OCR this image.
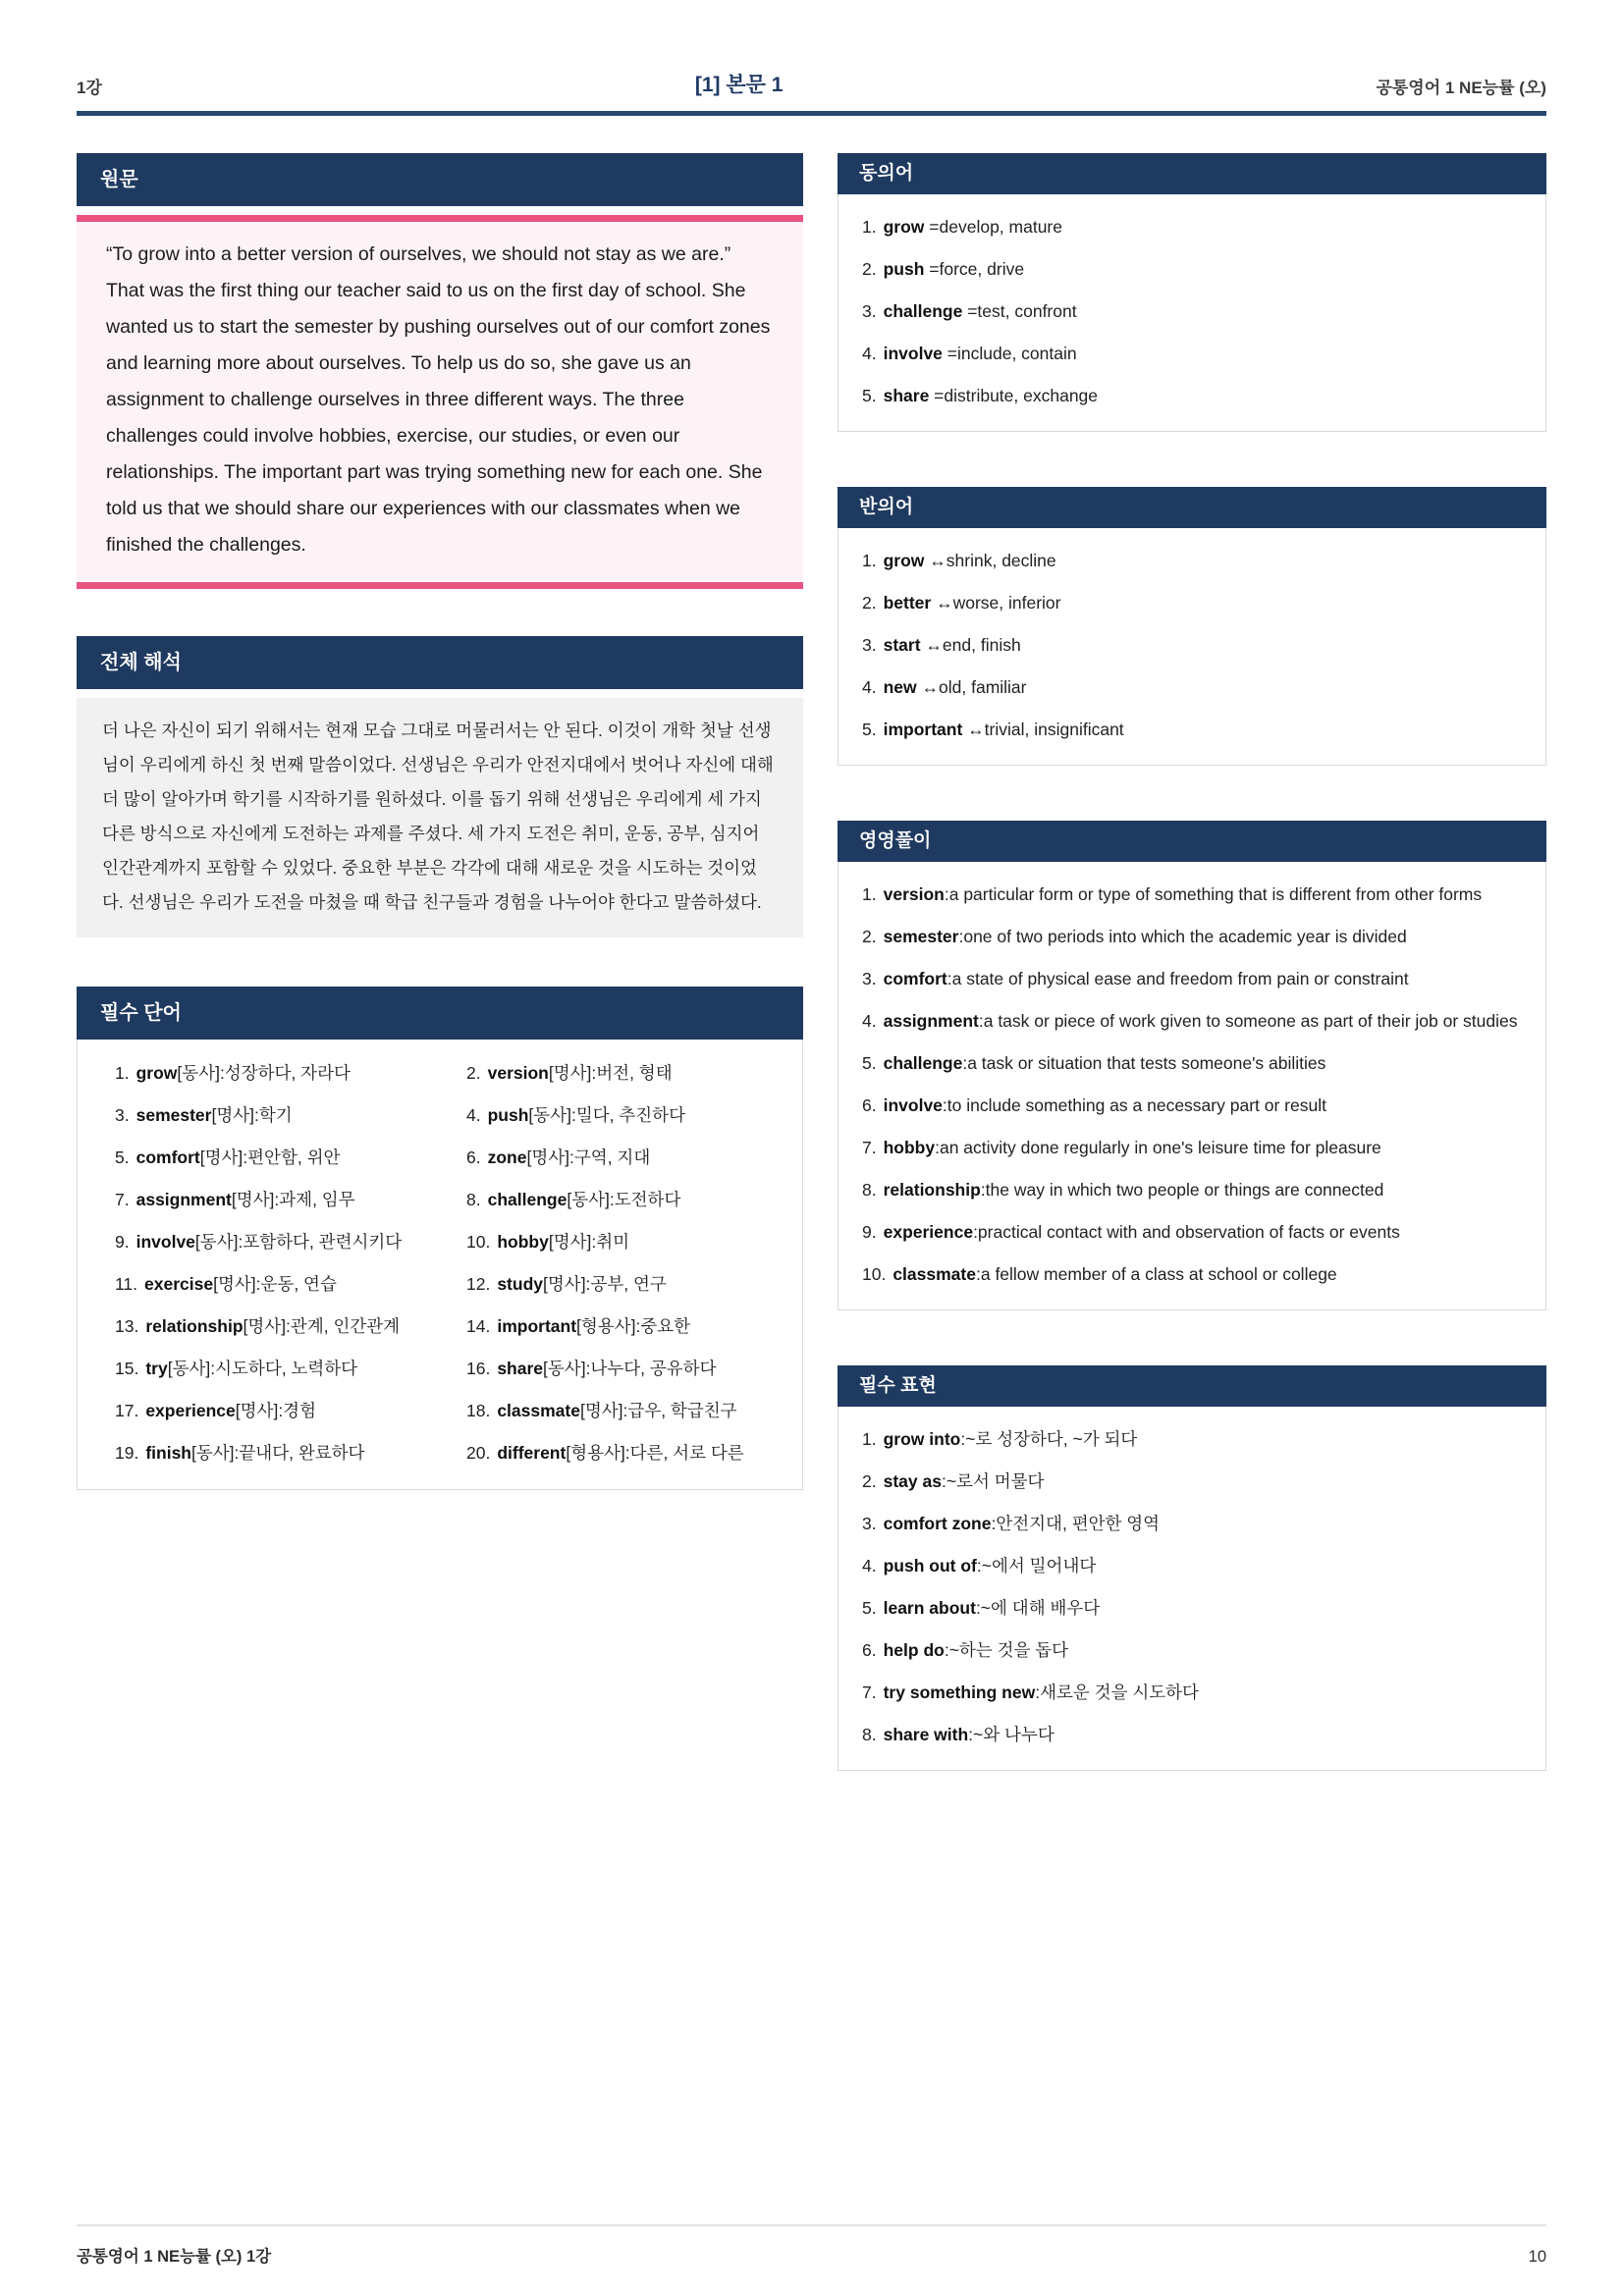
1강	[1] 본문 1	공통영어 1 NE능률 (오)
원문
“To grow into a better version of ourselves, we should not stay as we are.” That was the first thing our teacher said to us on the first day of school. She wanted us to start the semester by pushing ourselves out of our comfort zones and learning more about ourselves. To help us do so, she gave us an assignment to challenge ourselves in three different ways. The three challenges could involve hobbies, exercise, our studies, or even our relationships. The important part was trying something new for each one. She told us that we should share our experiences with our classmates when we finished the challenges.
전체 해석
더 나은 자신이 되기 위해서는 현재 모습 그대로 머물러서는 안 된다. 이것이 개학 첫날 선생님이 우리에게 하신 첫 번째 말씀이었다. 선생님은 우리가 안전지대에서 벗어나 자신에 대해 더 많이 알아가며 학기를 시작하기를 원하셨다. 이를 돕기 위해 선생님은 우리에게 세 가지 다른 방식으로 자신에게 도전하는 과제를 주셨다. 세 가지 도전은 취미, 운동, 공부, 심지어 인간관계까지 포함할 수 있었다. 중요한 부분은 각각에 대해 새로운 것을 시도하는 것이었다. 선생님은 우리가 도전을 마쳤을 때 학급 친구들과 경험을 나누어야 한다고 말씀하셨다.
필수 단어
1. grow[동사]:성장하다, 자라다	2. version[명사]:버전, 형태
3. semester[명사]:학기	4. push[동사]:밀다, 추진하다
5. comfort[명사]:편안함, 위안	6. zone[명사]:구역, 지대
7. assignment[명사]:과제, 임무	8. challenge[동사]:도전하다
9. involve[동사]:포함하다, 관련시키다	10. hobby[명사]:취미
11. exercise[명사]:운동, 연습	12. study[명사]:공부, 연구
13. relationship[명사]:관계, 인간관계	14. important[형용사]:중요한
15. try[동사]:시도하다, 노력하다	16. share[동사]:나누다, 공유하다
17. experience[명사]:경험	18. classmate[명사]:급우, 학급친구
19. finish[동사]:끝내다, 완료하다	20. different[형용사]:다른, 서로 다른
동의어
1. grow =develop, mature
2. push =force, drive
3. challenge =test, confront
4. involve =include, contain
5. share =distribute, exchange
반의어
1. grow ↔shrink, decline
2. better ↔worse, inferior
3. start ↔end, finish
4. new ↔old, familiar
5. important ↔trivial, insignificant
영영풀이
1. version:a particular form or type of something that is different from other forms
2. semester:one of two periods into which the academic year is divided
3. comfort:a state of physical ease and freedom from pain or constraint
4. assignment:a task or piece of work given to someone as part of their job or studies
5. challenge:a task or situation that tests someone's abilities
6. involve:to include something as a necessary part or result
7. hobby:an activity done regularly in one's leisure time for pleasure
8. relationship:the way in which two people or things are connected
9. experience:practical contact with and observation of facts or events
10. classmate:a fellow member of a class at school or college
필수 표현
1. grow into:~로 성장하다, ~가 되다
2. stay as:~로서 머물다
3. comfort zone:안전지대, 편안한 영역
4. push out of:~에서 밀어내다
5. learn about:~에 대해 배우다
6. help do:~하는 것을 돕다
7. try something new:새로운 것을 시도하다
8. share with:~와 나누다
공통영어 1 NE능률 (오) 1강	10
